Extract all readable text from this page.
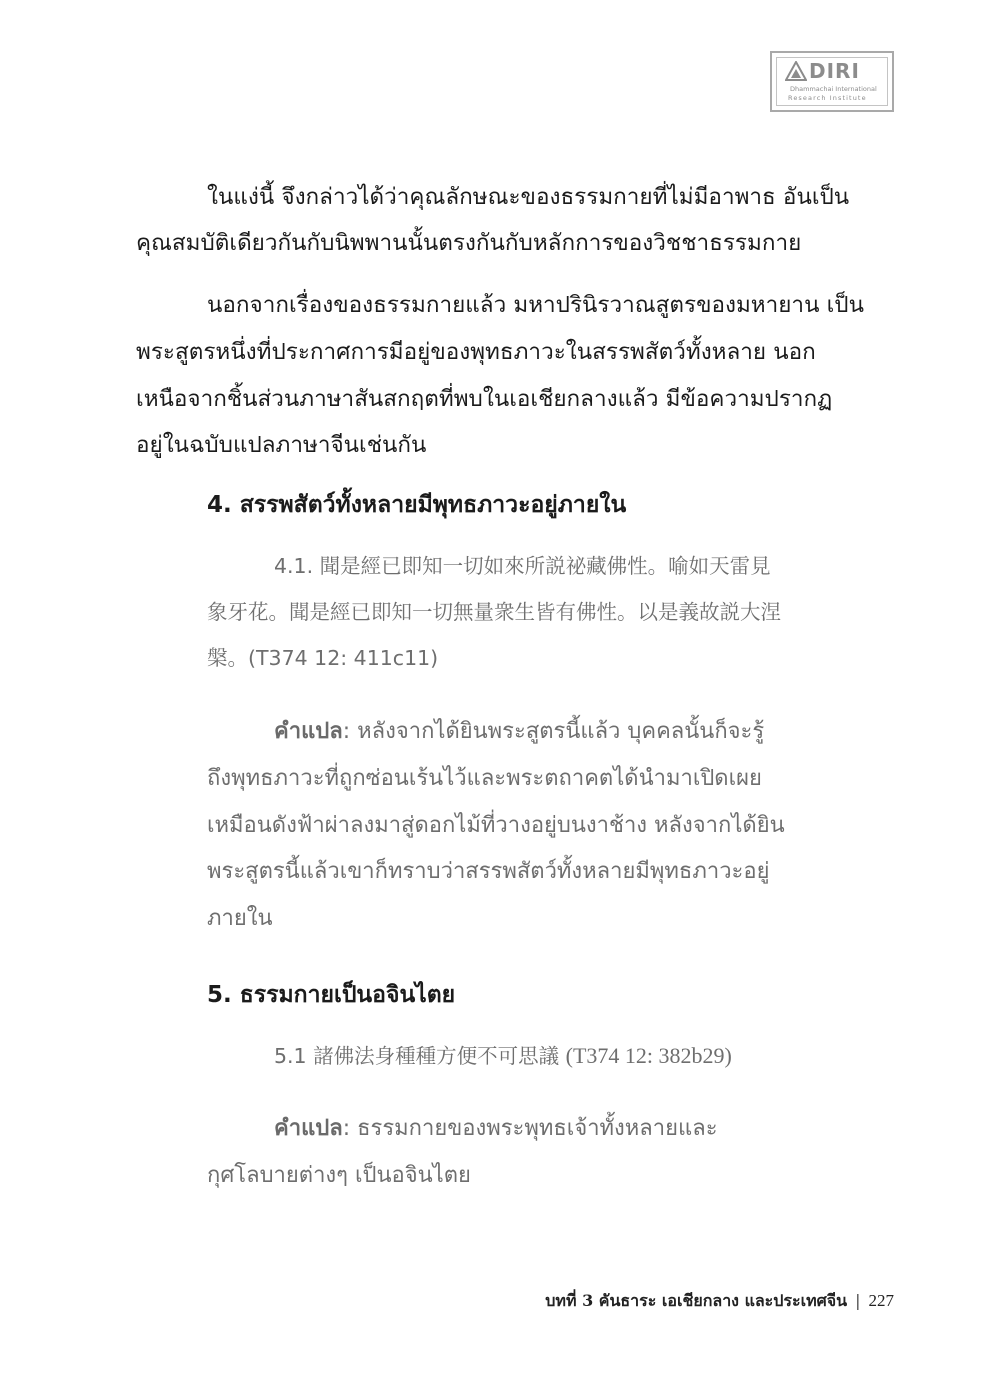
DIRI
Dhammachai International
Research Institute

ในแง่นี้ จึงกล่าวได้ว่าคุณลักษณะของธรรมกายที่ไม่มีอาพาธ อันเป็น

คุณสมบัติเดียวกันกับนิพพานนั้นตรงกันกับหลักการของวิชชาธรรมกาย

นอกจากเรื่องของธรรมกายแล้ว มหาปรินิรวาณสูตรของมหายาน เป็น

พระสูตรหนึ่งที่ประกาศการมีอยู่ของพุทธภาวะในสรรพสัตว์ทั้งหลาย นอก

เหนือจากชิ้นส่วนภาษาสันสกฤตที่พบในเอเชียกลางแล้ว มีข้อความปรากฏ

อยู่ในฉบับแปลภาษาจีนเช่นกัน

4. สรรพสัตว์ทั้งหลายมีพุทธภาวะอยู่ภายใน

4.1. 聞是經已即知一切如來所説祕藏佛性。喻如天雷見

象牙花。聞是經已即知一切無量衆生皆有佛性。以是義故説大涅

槃。(T374 12: 411c11)

คำแปล: หลังจากได้ยินพระสูตรนี้แล้ว บุคคลนั้นก็จะรู้

ถึงพุทธภาวะที่ถูกซ่อนเร้นไว้และพระตถาคตได้นำมาเปิดเผย

เหมือนดังฟ้าผ่าลงมาสู่ดอกไม้ที่วางอยู่บนงาช้าง หลังจากได้ยิน

พระสูตรนี้แล้วเขาก็ทราบว่าสรรพสัตว์ทั้งหลายมีพุทธภาวะอยู่

ภายใน

5. ธรรมกายเป็นอจินไตย

5.1 諸佛法身種種方便不可思議 (T374 12: 382b29)

คำแปล: ธรรมกายของพระพุทธเจ้าทั้งหลายและ

กุศโลบายต่างๆ เป็นอจินไตย

บทที่ 3 คันธาระ เอเชียกลาง และประเทศจีน | 227
